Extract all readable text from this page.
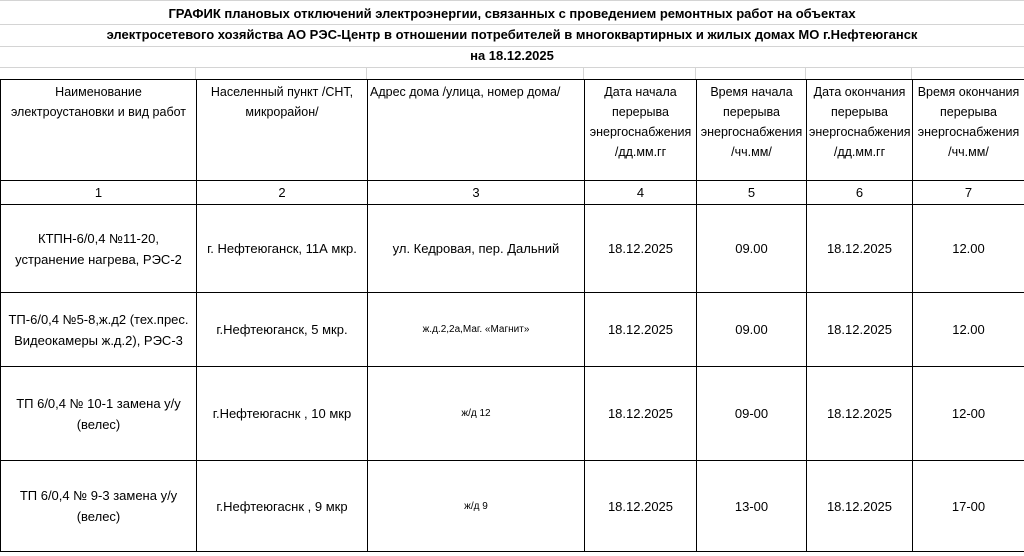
ГРАФИК плановых отключений электроэнергии, связанных с проведением ремонтных работ на объектах
электросетевого хозяйства АО РЭС-Центр в отношении потребителей в многоквартирных и жилых домах МО г.Нефтеюганск
на 18.12.2025
Наименование электроустановки и вид работ	Населенный пункт /СНТ, микрорайон/	Адрес дома /улица, номер дома/	Дата начала перерыва энергоснабжения /дд.мм.гг	Время начала перерыва энергоснабжения /чч.мм/	Дата окончания перерыва энергоснабжения /дд.мм.гг	Время окончания перерыва энергоснабжения /чч.мм/
1	2	3	4	5	6	7
КТПН-6/0,4 №11-20, устранение нагрева, РЭС-2	г. Нефтеюганск, 11А мкр.	ул. Кедровая, пер. Дальний	18.12.2025	09.00	18.12.2025	12.00
ТП-6/0,4 №5-8,ж.д2 (тех.прес. Видеокамеры ж.д.2), РЭС-3	г.Нефтеюганск, 5 мкр.	ж.д.2,2а,Маг. «Магнит»	18.12.2025	09.00	18.12.2025	12.00
ТП 6/0,4 № 10-1 замена у/у (велес)	г.Нефтеюгаснк , 10 мкр	ж/д 12	18.12.2025	09-00	18.12.2025	12-00
ТП 6/0,4 № 9-3 замена у/у (велес)	г.Нефтеюгаснк , 9 мкр	ж/д 9	18.12.2025	13-00	18.12.2025	17-00
